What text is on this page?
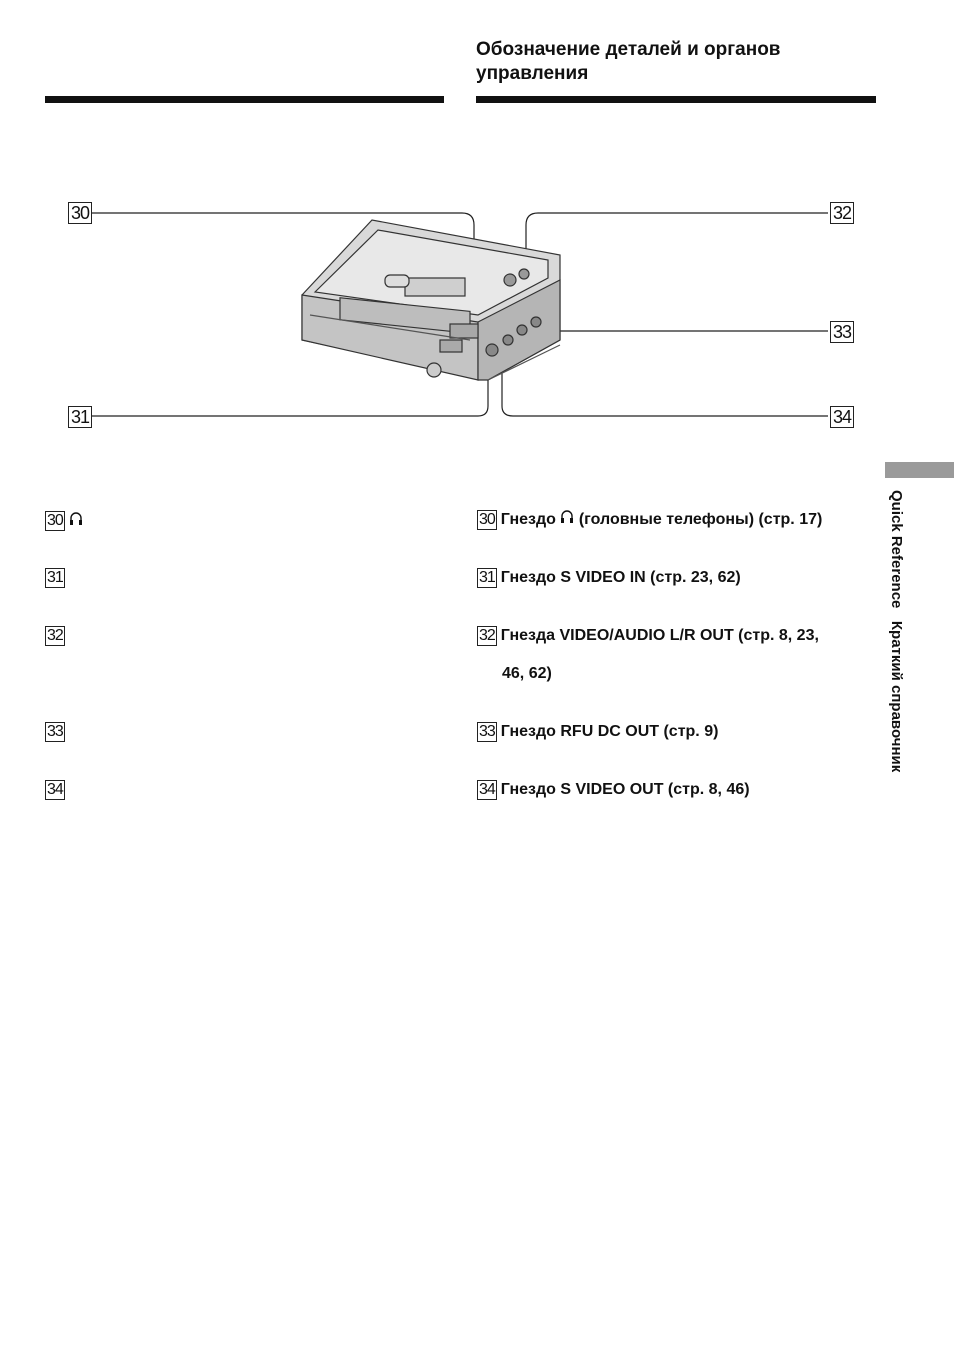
Обозначение деталей и органов управления
30
31
32
33
34
30
31
32
33
34
30 Гнездо (головные телефоны) (стр. 17)
31 Гнездо S VIDEO IN (стр. 23, 62)
32 Гнезда VIDEO/AUDIO L/R OUT (стр. 8, 23,
46, 62)
33 Гнездо RFU DC OUT (стр. 9)
34 Гнездо S VIDEO OUT (стр. 8, 46)
Quick Reference   Краткий справочник
